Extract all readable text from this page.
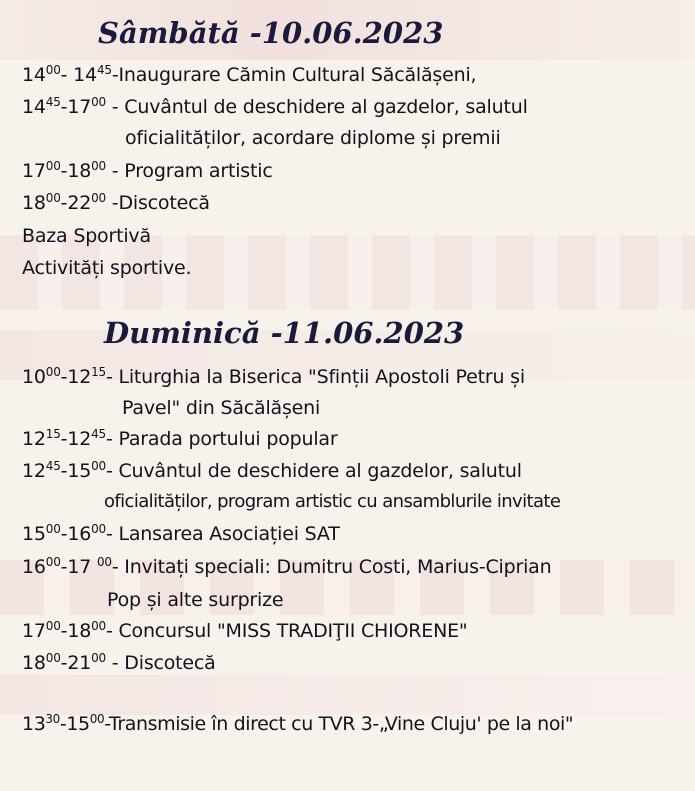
Sâmbătă -10.06.2023
$14^{00}-$ $14^{45}$-Inaugurare Cămin Cultural Săcălășeni,
$14^{45}-17^{00}$ - Cuvântul de deschidere al gazdelor, salutul
oficialităților, acordare diplome și premii
$17^{00}-18^{00}$ - Program artistic
$18^{00}-22^{00}$ -Discotecă
Baza Sportivă
Activități sportive.
Duminică -11.06.2023
$10^{00}-12^{15}-$ Liturghia la Biserica "Sfinții Apostoli Petru și
Pavel" din Săcălășeni
$12^{15}-12^{45}-$ Parada portului popular
$12^{45}-15^{00}-$ Cuvântul de deschidere al gazdelor, salutul
oficialităților, program artistic cu ansamblurile invitate
$15^{00}-16^{00}-$ Lansarea Asociației SAT
$16^{00}-17$ $^{00}$- Invitați speciali: Dumitru Costi, Marius-Ciprian
Pop și alte surprize
$17^{00}-18^{00}-$ Concursul "MISS TRADIŢII CHIORENE"
$18^{00}-21^{00}$ - Discotecă
$13^{30}-15^{00}$-Transmisie în direct cu TVR 3-„Vine Cluju' pe la noi"
